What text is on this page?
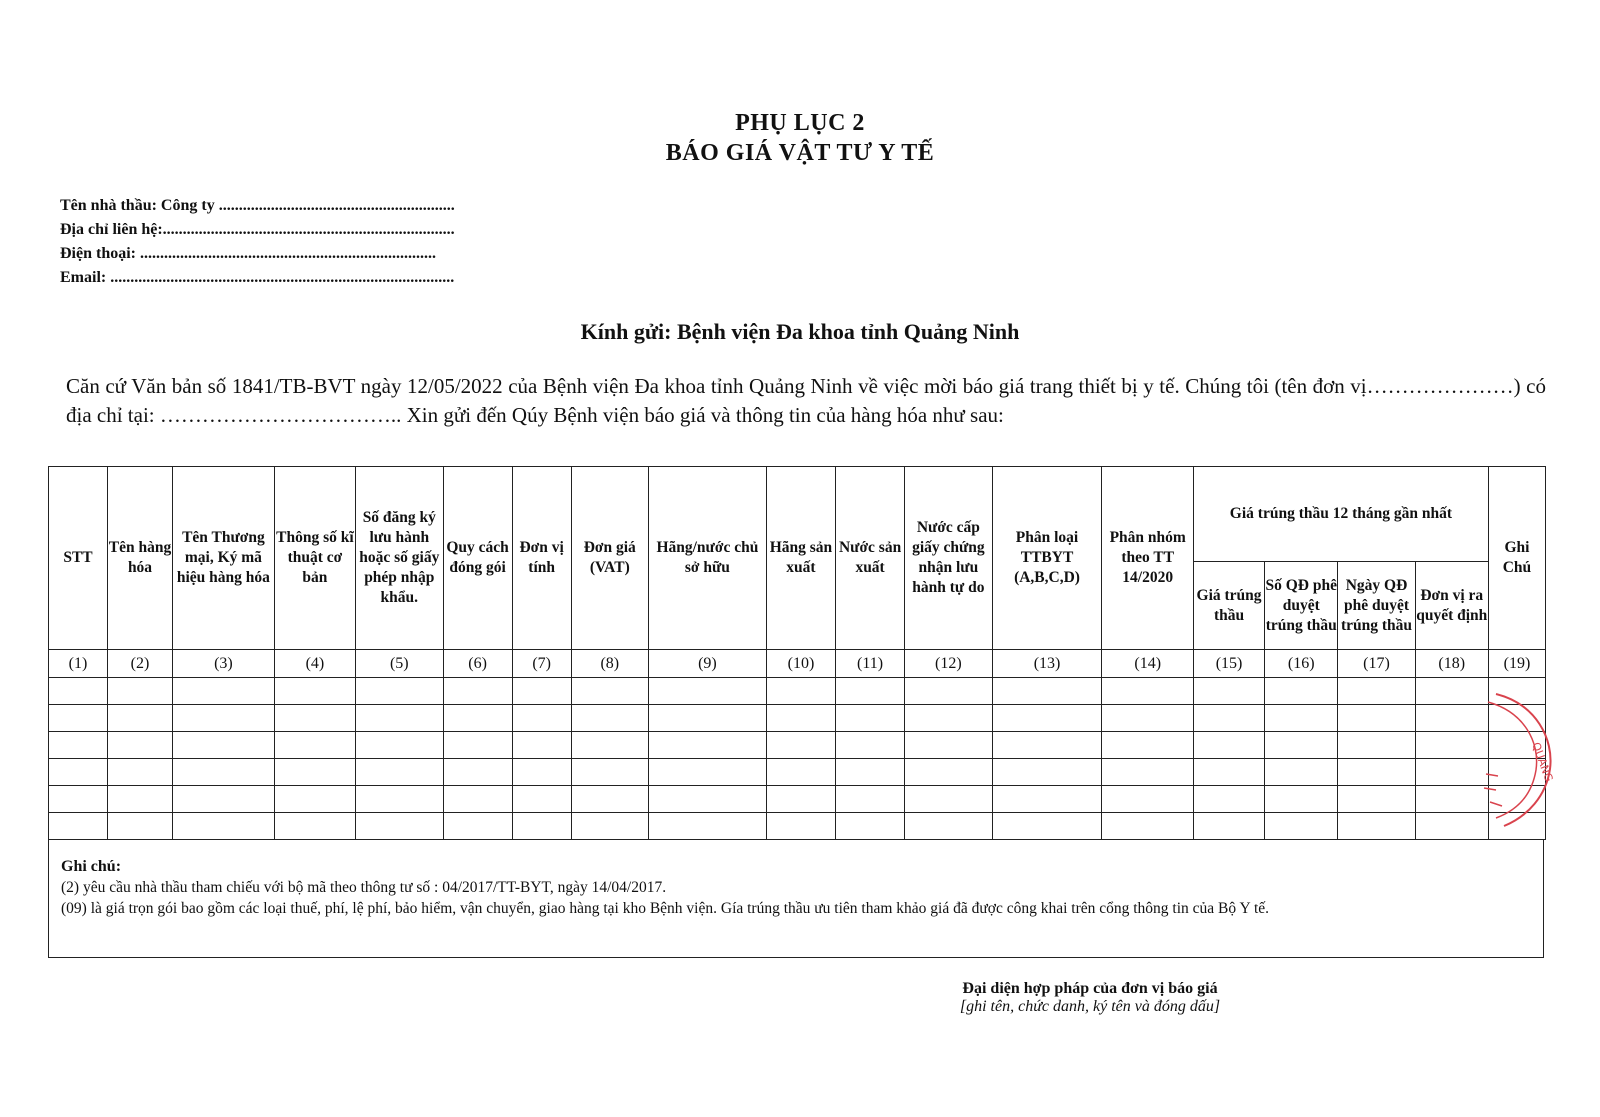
PHỤ LỤC 2
BÁO GIÁ VẬT TƯ Y TẾ
Tên nhà thầu: Công ty ...........................................................
Địa chỉ liên hệ:.........................................................................
Điện thoại: ..........................................................................
Email: ......................................................................................
Kính gửi: Bệnh viện Đa khoa tỉnh Quảng Ninh
Căn cứ Văn bản số 1841/TB-BVT ngày 12/05/2022 của Bệnh viện Đa khoa tỉnh Quảng Ninh về việc mời báo giá trang thiết bị y tế. Chúng tôi (tên đơn vị…………………) có địa chỉ tại: …………………………….. Xin gửi đến Qúy Bệnh viện báo giá và thông tin của hàng hóa như sau:
STT	Tên hàng hóa	Tên Thương mại, Ký mã hiệu hàng hóa	Thông số kĩ thuật cơ bản	Số đăng ký lưu hành hoặc số giấy phép nhập khẩu.	Quy cách đóng gói	Đơn vị tính	Đơn giá (VAT)	Hãng/nước chủ sở hữu	Hãng sản xuất	Nước sản xuất	Nước cấp giấy chứng nhận lưu hành tự do	Phân loại TTBYT (A,B,C,D)	Phân nhóm theo TT 14/2020	Giá trúng thầu 12 tháng gần nhất				Ghi Chú
														Giá trúng thầu	Số QĐ phê duyệt trúng thầu	Ngày QĐ phê duyệt trúng thầu	Đơn vị ra quyết định	
(1)	(2)	(3)	(4)	(5)	(6)	(7)	(8)	(9)	(10)	(11)	(12)	(13)	(14)	(15)	(16)	(17)	(18)	(19)

Ghi chú:
(2) yêu cầu nhà thầu tham chiếu với bộ mã theo thông tư số : 04/2017/TT-BYT, ngày 14/04/2017.
(09) là giá trọn gói bao gồm các loại thuế, phí, lệ phí, bảo hiểm, vận chuyển, giao hàng tại kho Bệnh viện. Gía trúng thầu ưu tiên tham khảo giá đã được công khai trên cổng thông tin của Bộ Y tế.
Đại diện hợp pháp của đơn vị báo giá
[ghi tên, chức danh, ký tên và đóng dấu]
QUANG
